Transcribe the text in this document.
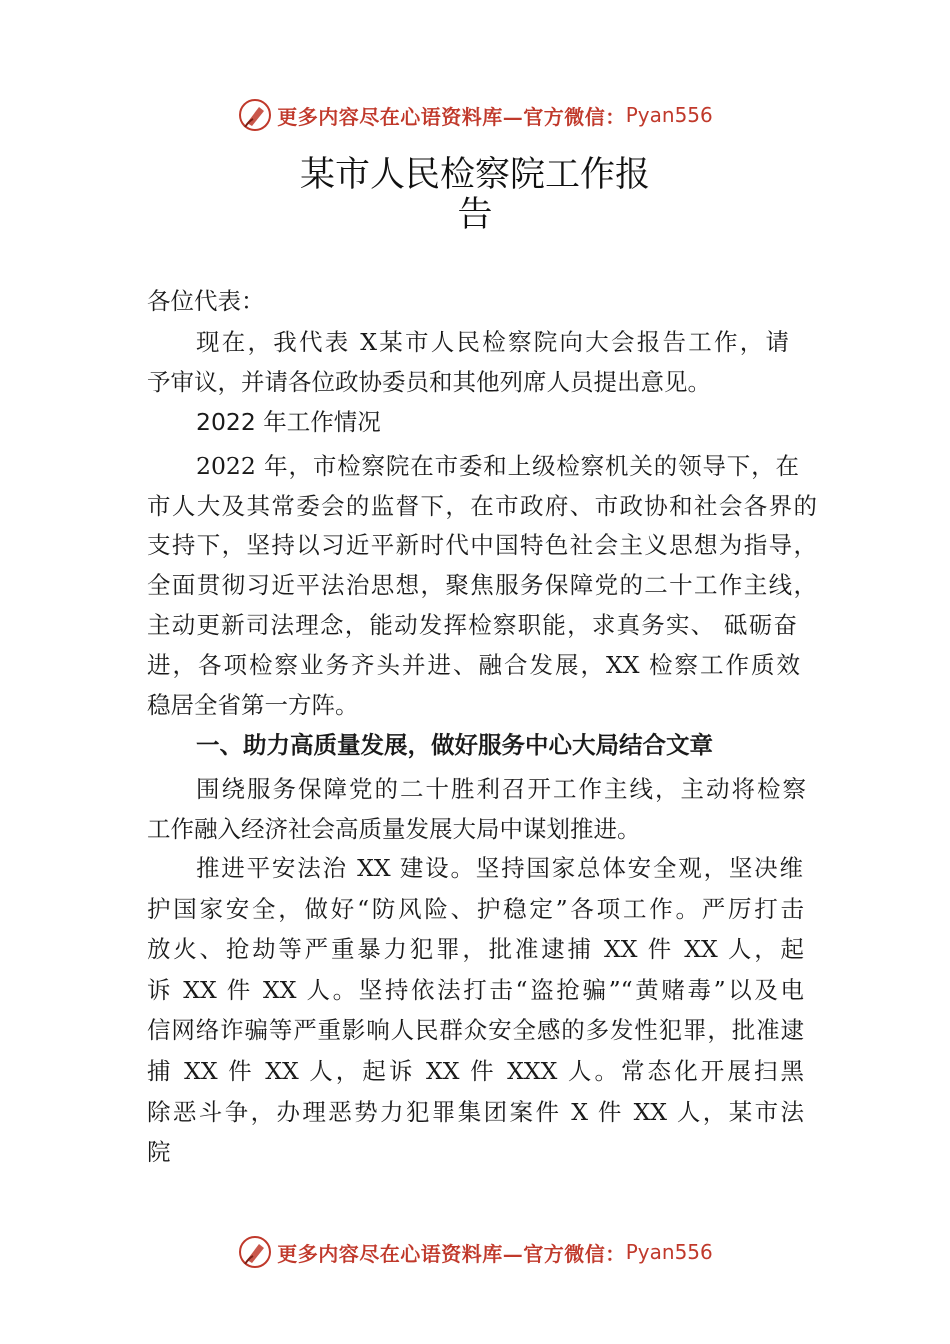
更多内容尽在心语资料库—官方微信： Pyan556
某市人民检察院工作报
告
各位代表：
现在，我代表 X某市人民检察院向大会报告工作，请
予审议，并请各位政协委员和其他列席人员提出意见。
2022 年工作情况
2022 年，市检察院在市委和上级检察机关的领导下，在
市人大及其常委会的监督下，在市政府、市政协和社会各界的
支持下，坚持以习近平新时代中国特色社会主义思想为指导，
全面贯彻习近平法治思想，聚焦服务保障党的二十工作主线，
主动更新司法理念，能动发挥检察职能，求真务实、 砥砺奋
进，各项检察业务齐头并进、融合发展，XX 检察工作质效
稳居全省第一方阵。
一、助力高质量发展，做好服务中心大局结合文章
围绕服务保障党的二十胜利召开工作主线，主动将检察
工作融入经济社会高质量发展大局中谋划推进。
推进平安法治 XX 建设。坚持国家总体安全观，坚决维
护国家安全，做好“防风险、护稳定”各项工作。严厉打击
放火、抢劫等严重暴力犯罪，批准逮捕 XX 件 XX 人，起
诉 XX 件 XX 人。坚持依法打击“盗抢骗”“黄赌毒”以及电
信网络诈骗等严重影响人民群众安全感的多发性犯罪，批准逮
捕 XX 件 XX 人，起诉 XX 件 XXX 人。常态化开展扫黑
除恶斗争，办理恶势力犯罪集团案件 X 件 XX 人，某市法
院
更多内容尽在心语资料库—官方微信： Pyan556
